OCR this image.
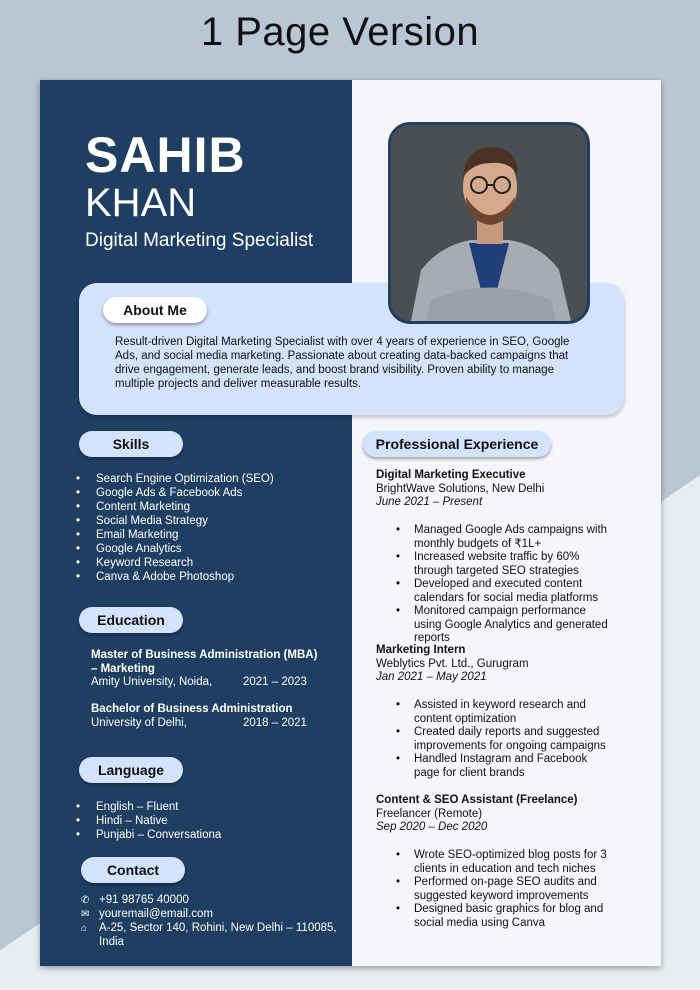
1 Page Version
SAHIB
KHAN
Digital Marketing Specialist
Skills
• Search Engine Optimization (SEO)
• Google Ads & Facebook Ads
• Content Marketing
• Social Media Strategy
• Email Marketing
• Google Analytics
• Keyword Research
• Canva & Adobe Photoshop
Education
Master of Business Administration (MBA) – Marketing
Amity University, Noida,	2021 – 2023
Bachelor of Business Administration
University of Delhi,	2018 – 2021
Language
• English – Fluent
• Hindi – Native
• Punjabi – Conversationa
Contact
✆ +91 98765 40000
✉ youremail@email.com
⌂	A-25, Sector 140, Rohini, New Delhi – 110085, India
About Me
Result-driven Digital Marketing Specialist with over 4 years of experience in SEO, Google Ads, and social media marketing. Passionate about creating data-backed campaigns that drive engagement, generate leads, and boost brand visibility. Proven ability to manage multiple projects and deliver measurable results.
Professional Experience
Digital Marketing Executive
BrightWave Solutions, New Delhi
June 2021 – Present
• Managed Google Ads campaigns with monthly budgets of ₹1L+
• Increased website traffic by 60% through targeted SEO strategies
• Developed and executed content calendars for social media platforms
• Monitored campaign performance using Google Analytics and generated reports
Marketing Intern
Weblytics Pvt. Ltd., Gurugram
Jan 2021 – May 2021
• Assisted in keyword research and content optimization
• Created daily reports and suggested improvements for ongoing campaigns
• Handled Instagram and Facebook page for client brands
Content & SEO Assistant (Freelance)
Freelancer (Remote)
Sep 2020 – Dec 2020
• Wrote SEO-optimized blog posts for 3 clients in education and tech niches
• Performed on-page SEO audits and suggested keyword improvements
• Designed basic graphics for blog and social media using Canva
